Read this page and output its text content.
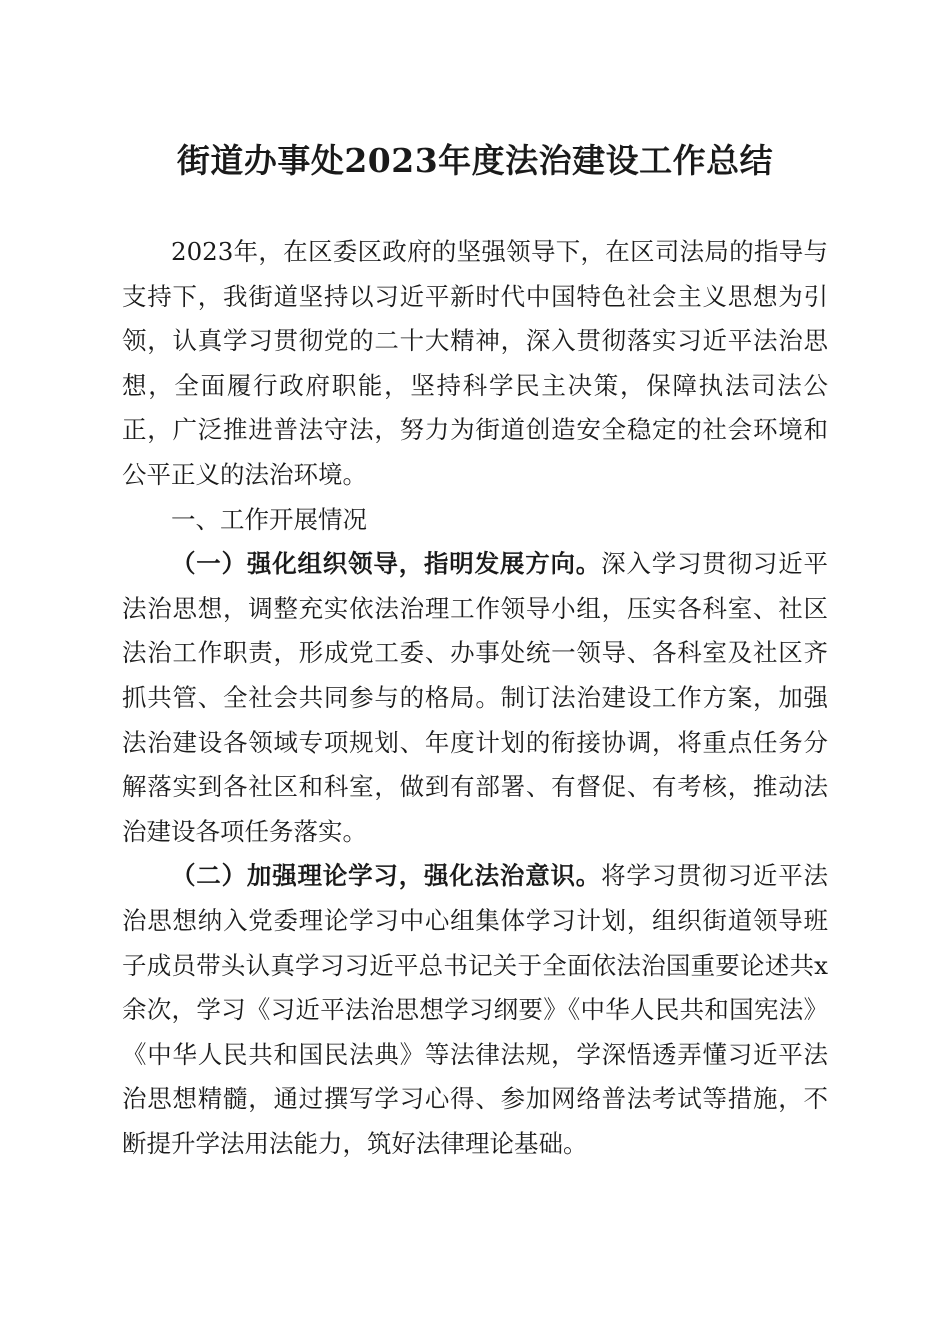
街道办事处2023年度法治建设工作总结

2023年，在区委区政府的坚强领导下，在区司法局的指导与支持下，我街道坚持以习近平新时代中国特色社会主义思想为引领，认真学习贯彻党的二十大精神，深入贯彻落实习近平法治思想，全面履行政府职能，坚持科学民主决策，保障执法司法公正，广泛推进普法守法，努力为街道创造安全稳定的社会环境和公平正义的法治环境。

一、工作开展情况

（一）强化组织领导，指明发展方向。深入学习贯彻习近平法治思想，调整充实依法治理工作领导小组，压实各科室、社区法治工作职责，形成党工委、办事处统一领导、各科室及社区齐抓共管、全社会共同参与的格局。制订法治建设工作方案，加强法治建设各领域专项规划、年度计划的衔接协调，将重点任务分解落实到各社区和科室，做到有部署、有督促、有考核，推动法治建设各项任务落实。

（二）加强理论学习，强化法治意识。将学习贯彻习近平法治思想纳入党委理论学习中心组集体学习计划，组织街道领导班子成员带头认真学习习近平总书记关于全面依法治国重要论述共x余次，学习《习近平法治思想学习纲要》《中华人民共和国宪法》《中华人民共和国民法典》等法律法规，学深悟透弄懂习近平法治思想精髓，通过撰写学习心得、参加网络普法考试等措施，不断提升学法用法能力，筑好法律理论基础。
